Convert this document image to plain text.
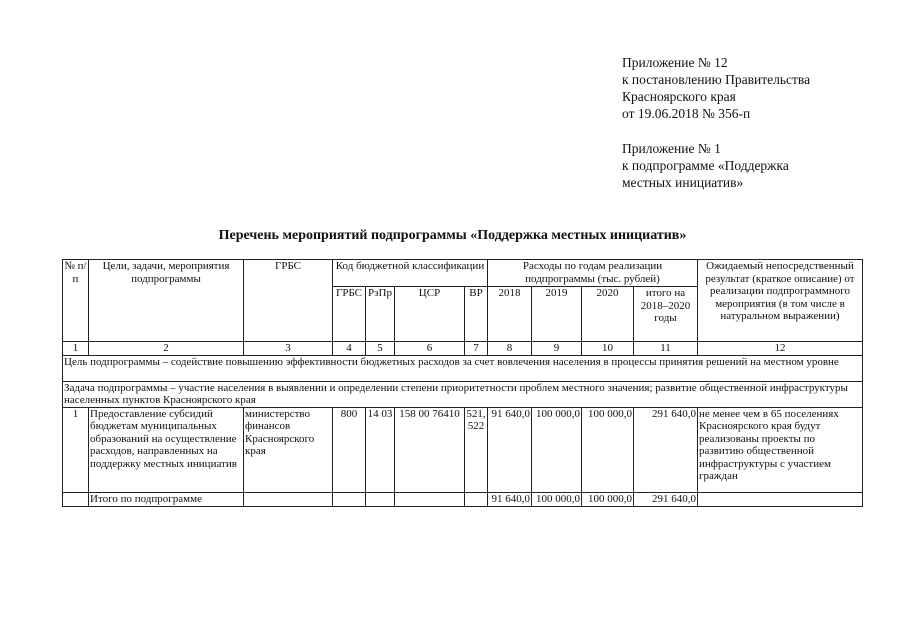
Приложение № 12
к постановлению Правительства
Красноярского края
от 19.06.2018 № 356-п
Приложение № 1
к подпрограмме «Поддержка
местных инициатив»
Перечень мероприятий подпрограммы «Поддержка местных инициатив»
№ п/п	Цели, задачи, мероприятия подпрограммы	ГРБС	Код бюджетной классификации				Расходы по годам реализации подпрограммы (тыс. рублей)				Ожидаемый непосредственный результат (краткое описание) от реализации подпрограммного мероприятия (в том числе в натуральном выражении)
			ГРБС	РзПр	ЦСР	ВР	2018	2019	2020	итого на 2018–2020 годы	
1	2	3	4	5	6	7	8	9	10	11	12
Цель подпрограммы – содействие повышению эффективности бюджетных расходов за счет вовлечения населения в процессы принятия решений на местном уровне											
Задача подпрограммы – участие населения в выявлении и определении степени приоритетности проблем местного значения; развитие общественной инфраструктуры населенных пунктов Красноярского края											
1	Предоставление субсидий бюджетам муниципальных образований на осуществление расходов, направленных на поддержку местных инициатив	министерство финансов Красноярского края	800	14 03	158 00 76410	521, 522	91 640,0	100 000,0	100 000,0	291 640,0	не менее чем в 65 поселениях Красноярского края будут реализованы проекты по развитию общественной инфраструктуры с участием граждан
	Итого по подпрограмме						91 640,0	100 000,0	100 000,0	291 640,0	
